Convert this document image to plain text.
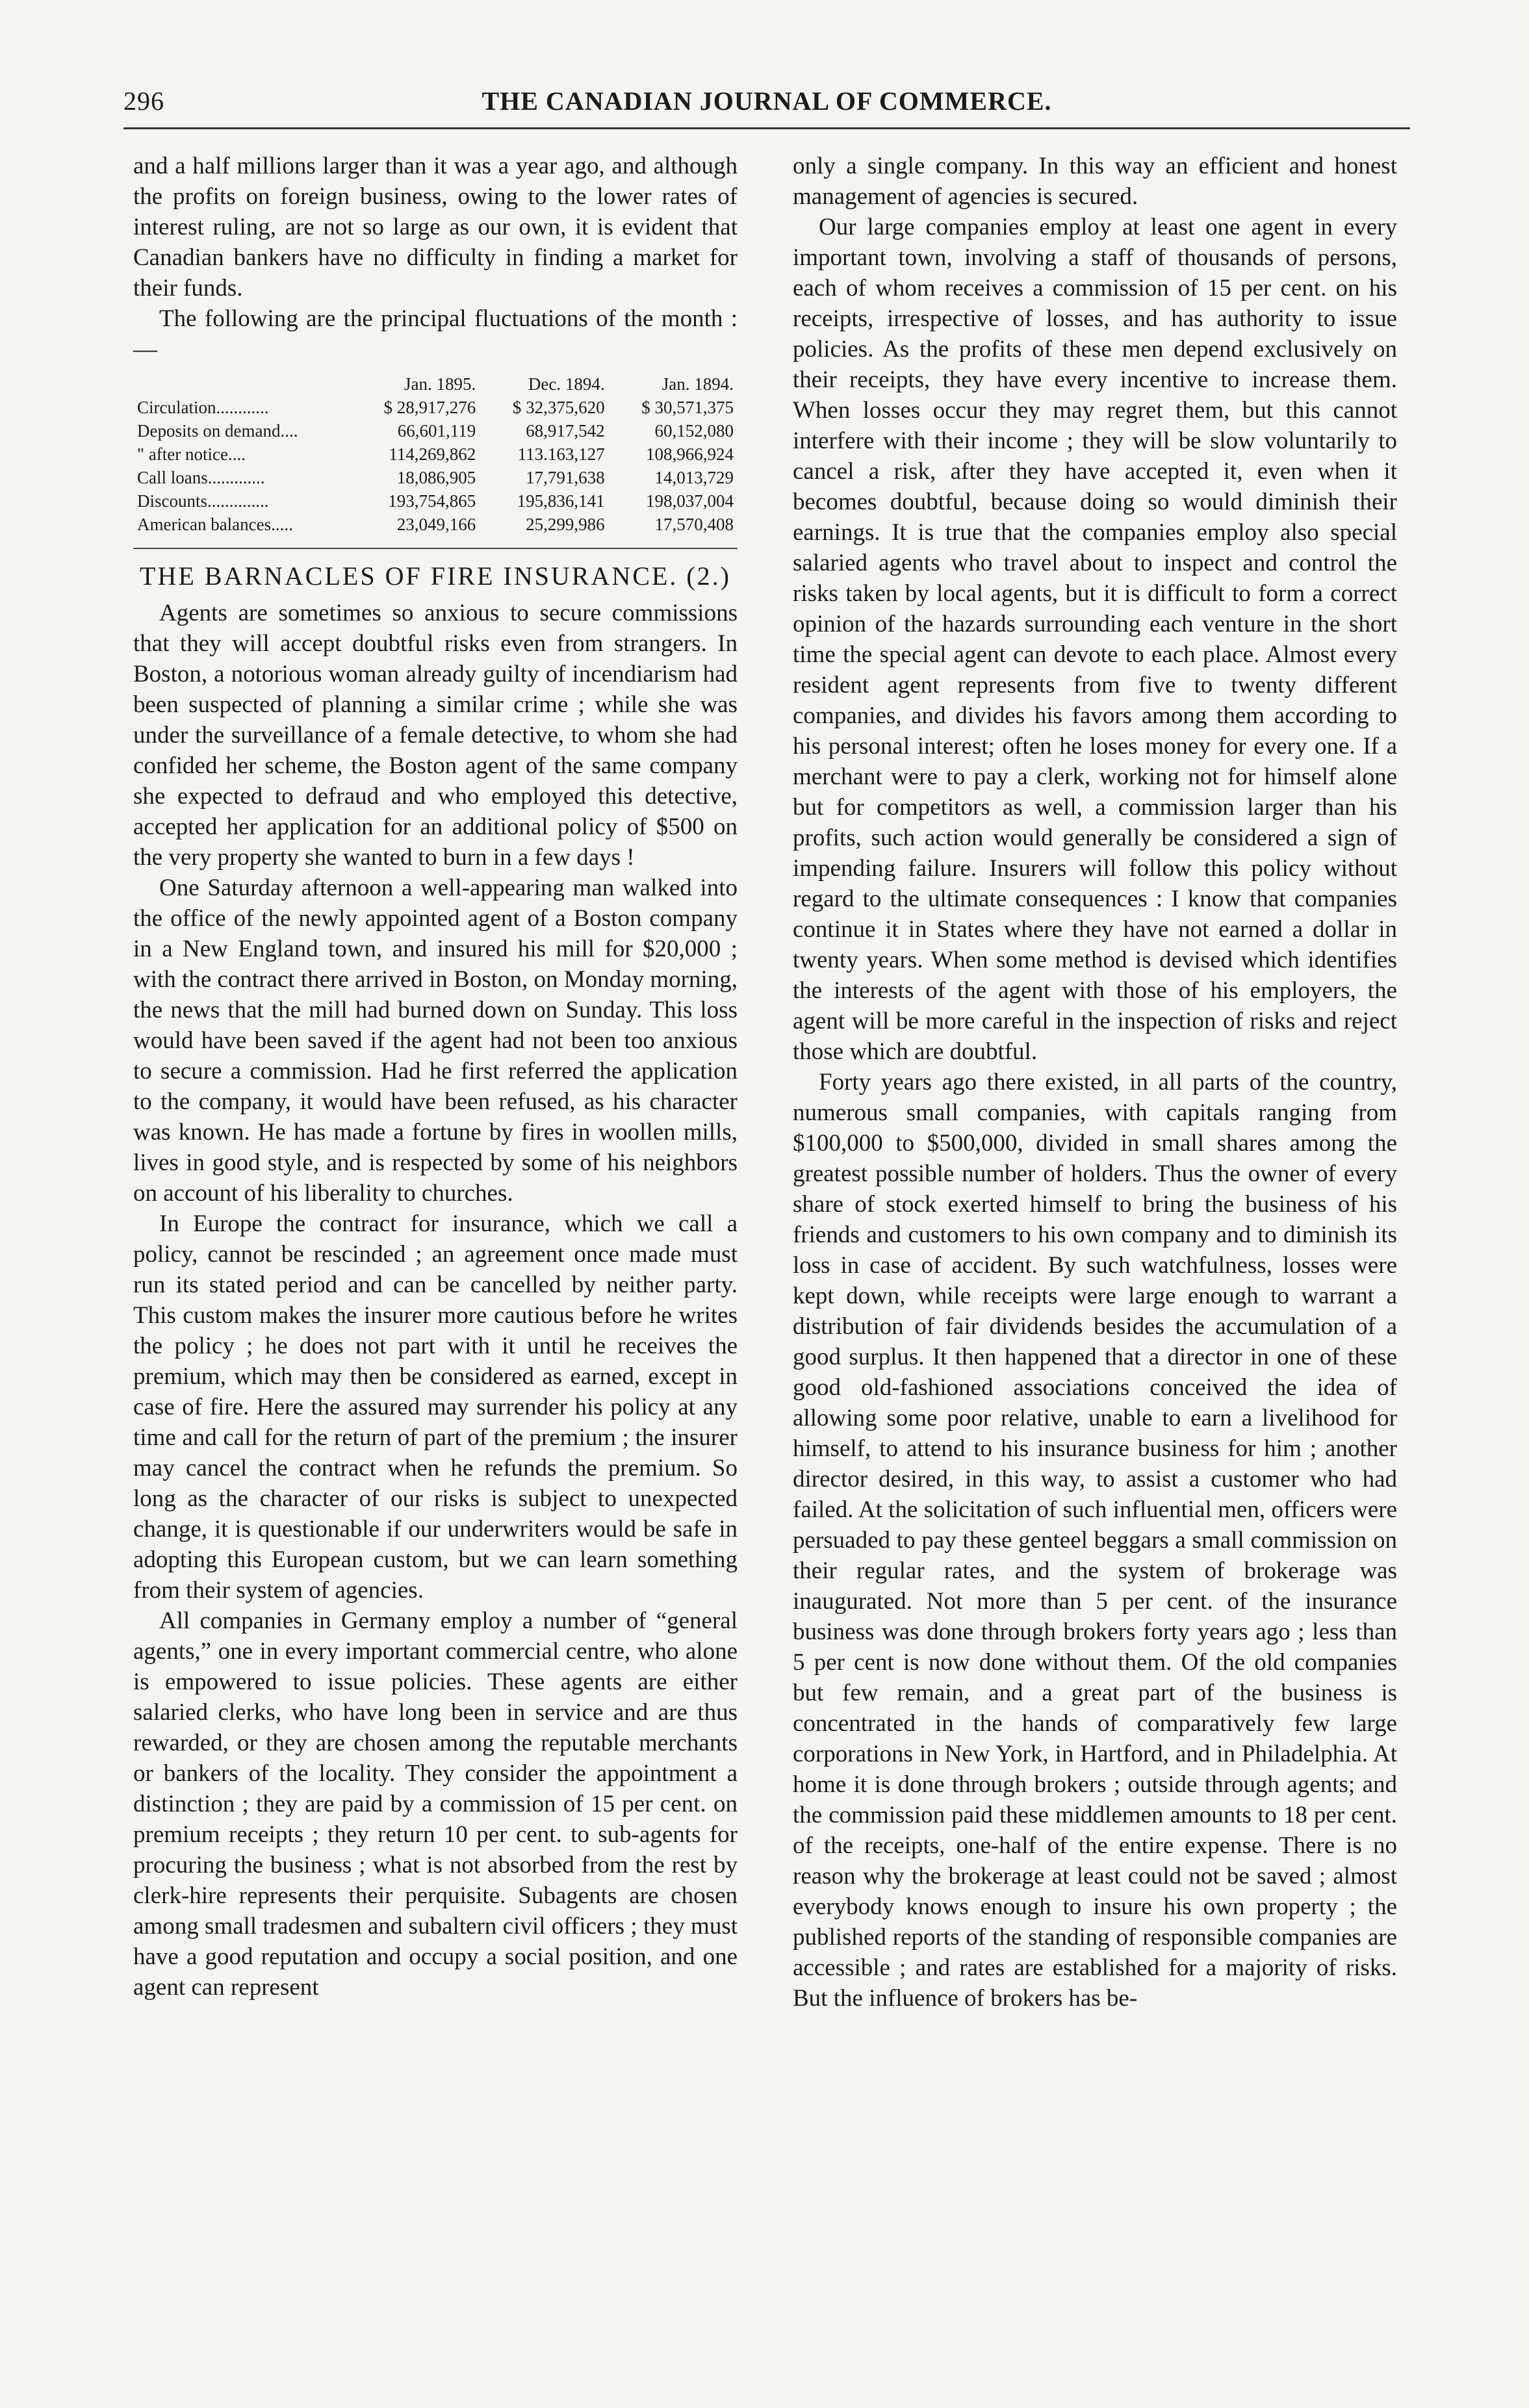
296	THE CANADIAN JOURNAL OF COMMERCE.

and a half millions larger than it was a year ago, and although the profits on foreign business, owing to the lower rates of interest ruling, are not so large as our own, it is evident that Canadian bankers have no difficulty in finding a market for their funds.

The following are the principal fluctuations of the month :—

	Jan. 1895.	Dec. 1894.	Jan. 1894.
Circulation............	$ 28,917,276	$ 32,375,620	$ 30,571,375
Deposits on demand....	66,601,119	68,917,542	60,152,080
" after notice....	114,269,862	113.163,127	108,966,924
Call loans.............	18,086,905	17,791,638	14,013,729
Discounts..............	193,754,865	195,836,141	198,037,004
American balances.....	23,049,166	25,299,986	17,570,408
THE BARNACLES OF FIRE INSURANCE. (2.)

Agents are sometimes so anxious to secure commissions that they will accept doubtful risks even from strangers. In Boston, a notorious woman already guilty of incendiarism had been suspected of planning a similar crime ; while she was under the surveillance of a female detective, to whom she had confided her scheme, the Boston agent of the same company she expected to defraud and who employed this detective, accepted her application for an additional policy of $500 on the very property she wanted to burn in a few days !

One Saturday afternoon a well-appearing man walked into the office of the newly appointed agent of a Boston company in a New England town, and insured his mill for $20,000 ; with the contract there arrived in Boston, on Monday morning, the news that the mill had burned down on Sunday. This loss would have been saved if the agent had not been too anxious to secure a commission. Had he first referred the application to the company, it would have been refused, as his character was known. He has made a fortune by fires in woollen mills, lives in good style, and is respected by some of his neighbors on account of his liberality to churches.

In Europe the contract for insurance, which we call a policy, cannot be rescinded ; an agreement once made must run its stated period and can be cancelled by neither party. This custom makes the insurer more cautious before he writes the policy ; he does not part with it until he receives the premium, which may then be considered as earned, except in case of fire. Here the assured may surrender his policy at any time and call for the return of part of the premium ; the insurer may cancel the contract when he refunds the premium. So long as the character of our risks is subject to unexpected change, it is questionable if our underwriters would be safe in adopting this European custom, but we can learn something from their system of agencies.

All companies in Germany employ a number of “general agents,” one in every important commercial centre, who alone is empowered to issue policies. These agents are either salaried clerks, who have long been in service and are thus rewarded, or they are chosen among the reputable merchants or bankers of the locality. They consider the appointment a distinction ; they are paid by a commission of 15 per cent. on premium receipts ; they return 10 per cent. to sub-agents for procuring the business ; what is not absorbed from the rest by clerk-hire represents their perquisite. Subagents are chosen among small tradesmen and subaltern civil officers ; they must have a good reputation and occupy a social position, and one agent can represent

only a single company. In this way an efficient and honest management of agencies is secured.

Our large companies employ at least one agent in every important town, involving a staff of thousands of persons, each of whom receives a commission of 15 per cent. on his receipts, irrespective of losses, and has authority to issue policies. As the profits of these men depend exclusively on their receipts, they have every incentive to increase them. When losses occur they may regret them, but this cannot interfere with their income ; they will be slow voluntarily to cancel a risk, after they have accepted it, even when it becomes doubtful, because doing so would diminish their earnings. It is true that the companies employ also special salaried agents who travel about to inspect and control the risks taken by local agents, but it is difficult to form a correct opinion of the hazards surrounding each venture in the short time the special agent can devote to each place. Almost every resident agent represents from five to twenty different companies, and divides his favors among them according to his personal interest; often he loses money for every one. If a merchant were to pay a clerk, working not for himself alone but for competitors as well, a commission larger than his profits, such action would generally be considered a sign of impending failure. Insurers will follow this policy without regard to the ultimate consequences : I know that companies continue it in States where they have not earned a dollar in twenty years. When some method is devised which identifies the interests of the agent with those of his employers, the agent will be more careful in the inspection of risks and reject those which are doubtful.

Forty years ago there existed, in all parts of the country, numerous small companies, with capitals ranging from $100,000 to $500,000, divided in small shares among the greatest possible number of holders. Thus the owner of every share of stock exerted himself to bring the business of his friends and customers to his own company and to diminish its loss in case of accident. By such watchfulness, losses were kept down, while receipts were large enough to warrant a distribution of fair dividends besides the accumulation of a good surplus. It then happened that a director in one of these good old-fashioned associations conceived the idea of allowing some poor relative, unable to earn a livelihood for himself, to attend to his insurance business for him ; another director desired, in this way, to assist a customer who had failed. At the solicitation of such influential men, officers were persuaded to pay these genteel beggars a small commission on their regular rates, and the system of brokerage was inaugurated. Not more than 5 per cent. of the insurance business was done through brokers forty years ago ; less than 5 per cent is now done without them. Of the old companies but few remain, and a great part of the business is concentrated in the hands of comparatively few large corporations in New York, in Hartford, and in Philadelphia. At home it is done through brokers ; outside through agents; and the commission paid these middlemen amounts to 18 per cent. of the receipts, one-half of the entire expense. There is no reason why the brokerage at least could not be saved ; almost everybody knows enough to insure his own property ; the published reports of the standing of responsible companies are accessible ; and rates are established for a majority of risks. But the influence of brokers has be-
